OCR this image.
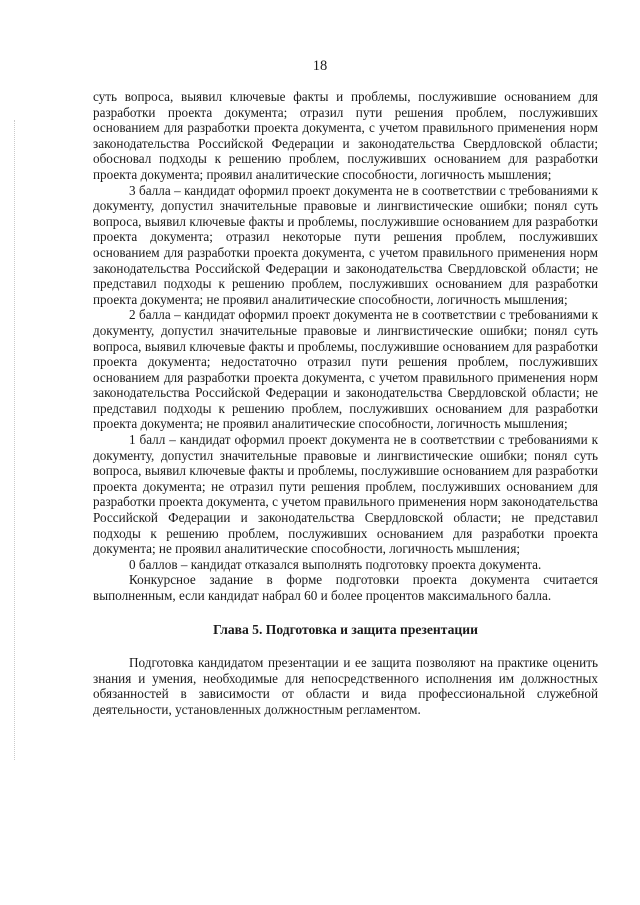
18

суть вопроса, выявил ключевые факты и проблемы, послужившие основанием для разработки проекта документа; отразил пути решения проблем, послуживших основанием для разработки проекта документа, с учетом правильного применения норм законодательства Российской Федерации и законодательства Свердловской области; обосновал подходы к решению проблем, послуживших основанием для разработки проекта документа; проявил аналитические способности, логичность мышления;

3 балла – кандидат оформил проект документа не в соответствии с требованиями к документу, допустил значительные правовые и лингвистические ошибки; понял суть вопроса, выявил ключевые факты и проблемы, послужившие основанием для разработки проекта документа; отразил некоторые пути решения проблем, послуживших основанием для разработки проекта документа, с учетом правильного применения норм законодательства Российской Федерации и законодательства Свердловской области; не представил подходы к решению проблем, послуживших основанием для разработки проекта документа; не проявил аналитические способности, логичность мышления;

2 балла – кандидат оформил проект документа не в соответствии с требованиями к документу, допустил значительные правовые и лингвистические ошибки; понял суть вопроса, выявил ключевые факты и проблемы, послужившие основанием для разработки проекта документа; недостаточно отразил пути решения проблем, послуживших основанием для разработки проекта документа, с учетом правильного применения норм законодательства Российской Федерации и законодательства Свердловской области; не представил подходы к решению проблем, послуживших основанием для разработки проекта документа; не проявил аналитические способности, логичность мышления;

1 балл – кандидат оформил проект документа не в соответствии с требованиями к документу, допустил значительные правовые и лингвистические ошибки; понял суть вопроса, выявил ключевые факты и проблемы, послужившие основанием для разработки проекта документа; не отразил пути решения проблем, послуживших основанием для разработки проекта документа, с учетом правильного применения норм законодательства Российской Федерации и законодательства Свердловской области; не представил подходы к решению проблем, послуживших основанием для разработки проекта документа; не проявил аналитические способности, логичность мышления;

0 баллов – кандидат отказался выполнять подготовку проекта документа.

Конкурсное задание в форме подготовки проекта документа считается выполненным, если кандидат набрал 60 и более процентов максимального балла.

Глава 5. Подготовка и защита презентации

Подготовка кандидатом презентации и ее защита позволяют на практике оценить знания и умения, необходимые для непосредственного исполнения им должностных обязанностей в зависимости от области и вида профессиональной служебной деятельности, установленных должностным регламентом.
